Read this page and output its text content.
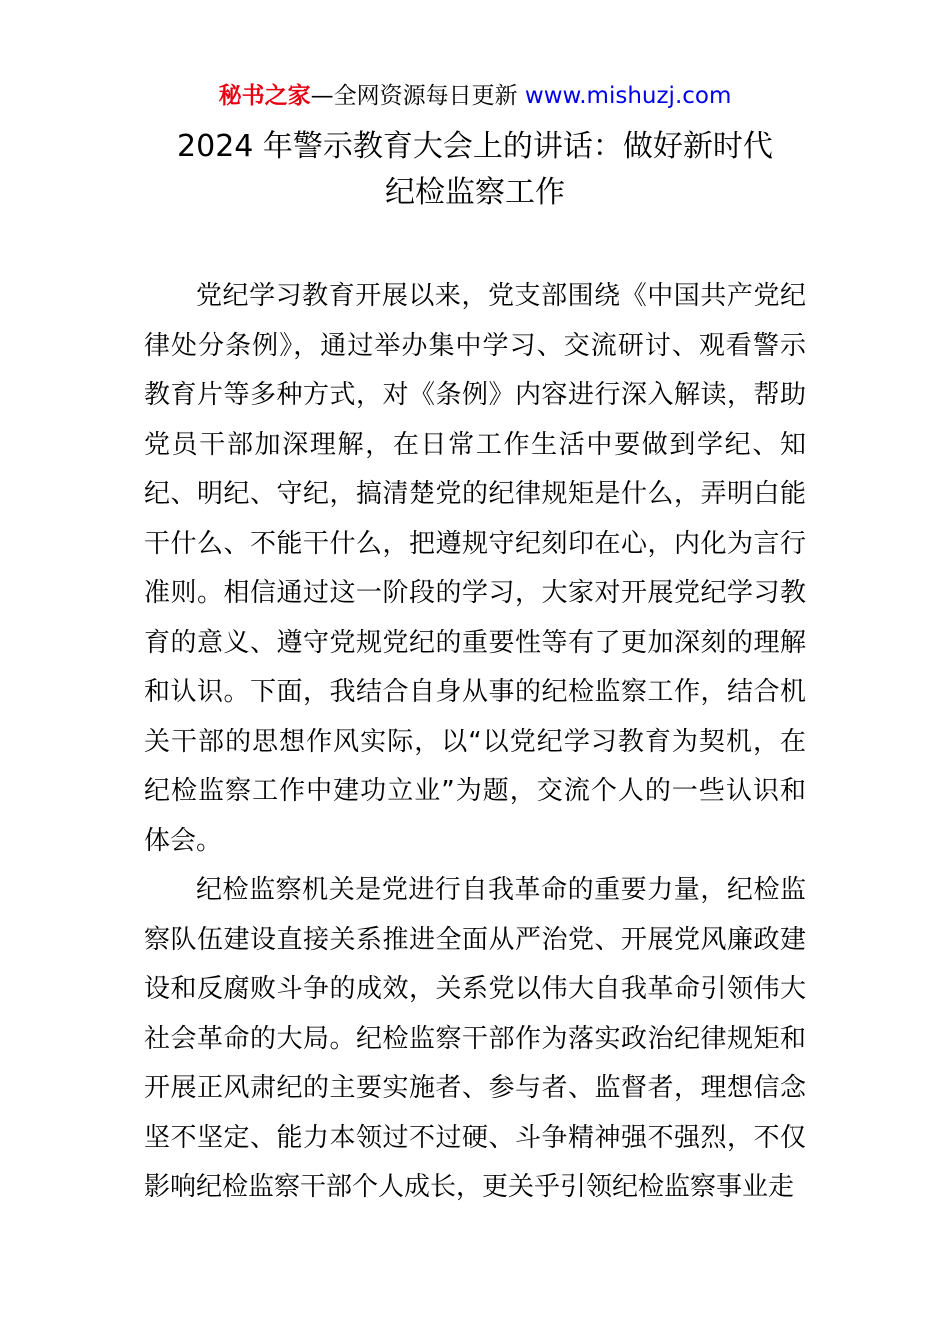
秘书之家—全网资源每日更新 www.mishuzj.com
2024 年警示教育大会上的讲话：做好新时代
纪检监察工作

党纪学习教育开展以来，党支部围绕《中国共产党纪律处分条例》，通过举办集中学习、交流研讨、观看警示教育片等多种方式，对《条例》内容进行深入解读，帮助党员干部加深理解，在日常工作生活中要做到学纪、知纪、明纪、守纪，搞清楚党的纪律规矩是什么，弄明白能干什么、不能干什么，把遵规守纪刻印在心，内化为言行准则。相信通过这一阶段的学习，大家对开展党纪学习教育的意义、遵守党规党纪的重要性等有了更加深刻的理解和认识。下面，我结合自身从事的纪检监察工作，结合机关干部的思想作风实际，以“以党纪学习教育为契机，在纪检监察工作中建功立业”为题，交流个人的一些认识和体会。

纪检监察机关是党进行自我革命的重要力量，纪检监察队伍建设直接关系推进全面从严治党、开展党风廉政建设和反腐败斗争的成效，关系党以伟大自我革命引领伟大社会革命的大局。纪检监察干部作为落实政治纪律规矩和开展正风肃纪的主要实施者、参与者、监督者，理想信念坚不坚定、能力本领过不过硬、斗争精神强不强烈，不仅影响纪检监察干部个人成长，更关乎引领纪检监察事业走
